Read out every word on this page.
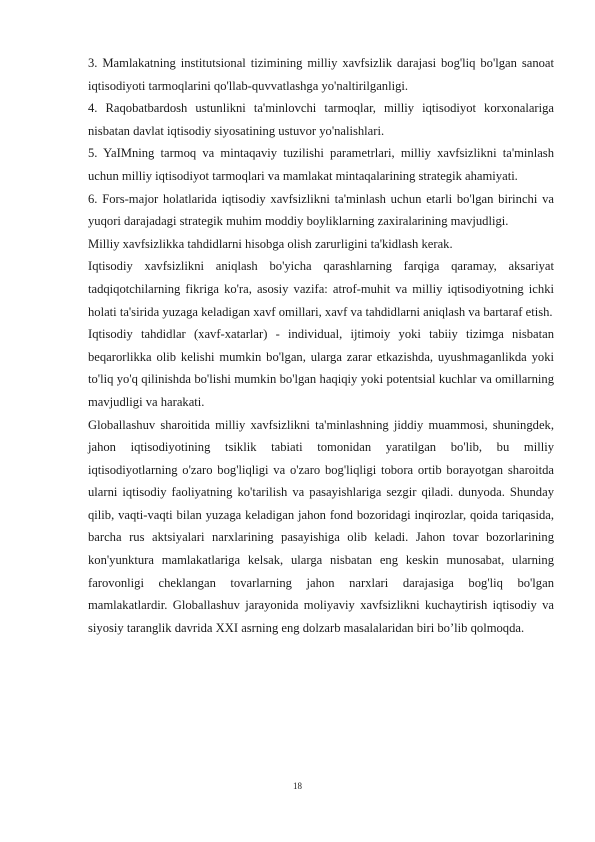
3. Mamlakatning institutsional tizimining milliy xavfsizlik darajasi bog'liq bo'lgan sanoat iqtisodiyoti tarmoqlarini qo'llab-quvvatlashga yo'naltirilganligi.

4. Raqobatbardosh ustunlikni ta'minlovchi tarmoqlar, milliy iqtisodiyot korxonalariga nisbatan davlat iqtisodiy siyosatining ustuvor yo'nalishlari.

5. YaIMning tarmoq va mintaqaviy tuzilishi parametrlari, milliy xavfsizlikni ta'minlash uchun milliy iqtisodiyot tarmoqlari va mamlakat mintaqalarining strategik ahamiyati.

6. Fors-major holatlarida iqtisodiy xavfsizlikni ta'minlash uchun etarli bo'lgan birinchi va yuqori darajadagi strategik muhim moddiy boyliklarning zaxiralarining mavjudligi.

Milliy xavfsizlikka tahdidlarni hisobga olish zarurligini ta'kidlash kerak.

Iqtisodiy xavfsizlikni aniqlash bo'yicha qarashlarning farqiga qaramay, aksariyat tadqiqotchilarning fikriga ko'ra, asosiy vazifa: atrof-muhit va milliy iqtisodiyotning ichki holati ta'sirida yuzaga keladigan xavf omillari, xavf va tahdidlarni aniqlash va bartaraf etish.

Iqtisodiy tahdidlar (xavf-xatarlar) - individual, ijtimoiy yoki tabiiy tizimga nisbatan beqarorlikka olib kelishi mumkin bo'lgan, ularga zarar etkazishda, uyushmaganlikda yoki to'liq yo'q qilinishda bo'lishi mumkin bo'lgan haqiqiy yoki potentsial kuchlar va omillarning mavjudligi va harakati.

Globallashuv sharoitida milliy xavfsizlikni ta'minlashning jiddiy muammosi, shuningdek, jahon iqtisodiyotining tsiklik tabiati tomonidan yaratilgan bo'lib, bu milliy iqtisodiyotlarning o'zaro bog'liqligi va o'zaro bog'liqligi tobora ortib borayotgan sharoitda ularni iqtisodiy faoliyatning ko'tarilish va pasayishlariga sezgir qiladi. dunyoda. Shunday qilib, vaqti-vaqti bilan yuzaga keladigan jahon fond bozoridagi inqirozlar, qoida tariqasida, barcha rus aktsiyalari narxlarining pasayishiga olib keladi. Jahon tovar bozorlarining kon'yunktura mamlakatlariga kelsak, ularga nisbatan eng keskin munosabat, ularning farovonligi cheklangan tovarlarning jahon narxlari darajasiga bog'liq bo'lgan mamlakatlardir. Globallashuv jarayonida moliyaviy xavfsizlikni kuchaytirish iqtisodiy va siyosiy taranglik davrida XXI asrning eng dolzarb masalalaridan biri bo’lib qolmoqda.

18
